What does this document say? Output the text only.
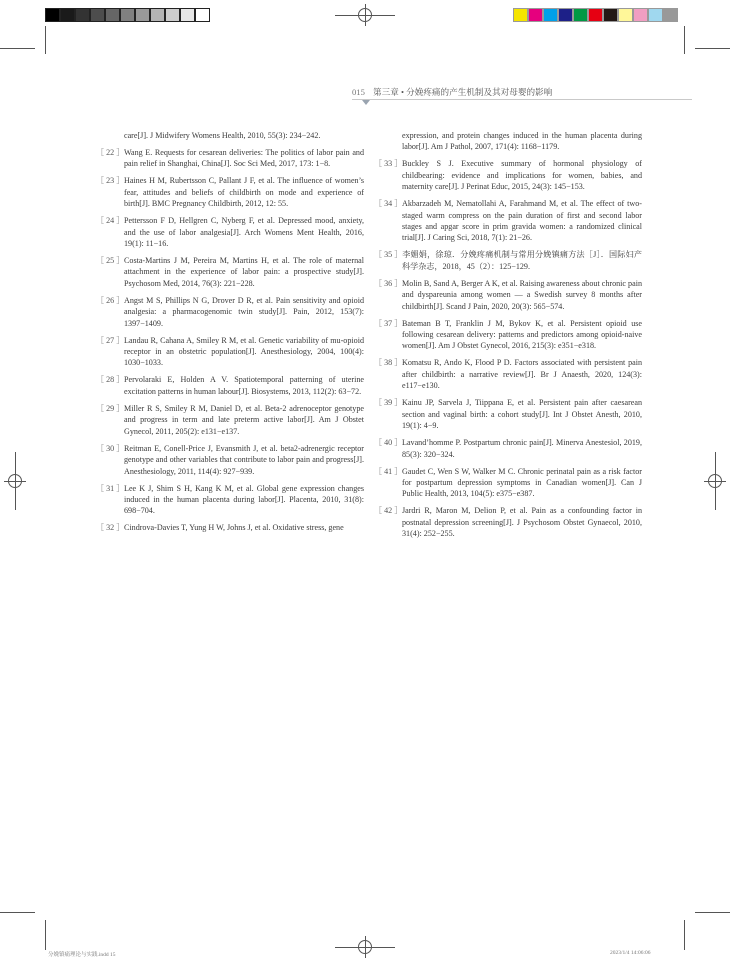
015 第三章 • 分娩疼痛的产生机制及其对母婴的影响

care[J]. J Midwifery Womens Health, 2010, 55(3): 234−242.

［ 22 ］Wang E. Requests for cesarean deliveries: The politics of labor pain and pain relief in Shanghai, China[J]. Soc Sci Med, 2017, 173: 1−8.

［ 23 ］Haines H M, Rubertsson C, Pallant J F, et al. The influence of women’s fear, attitudes and beliefs of childbirth on mode and experience of birth[J]. BMC Pregnancy Childbirth, 2012, 12: 55.

［ 24 ］Pettersson F D, Hellgren C, Nyberg F, et al. Depressed mood, anxiety, and the use of labor analgesia[J]. Arch Womens Ment Health, 2016, 19(1): 11−16.

［ 25 ］Costa-Martins J M, Pereira M, Martins H, et al. The role of maternal attachment in the experience of labor pain: a prospective study[J]. Psychosom Med, 2014, 76(3): 221−228.

［ 26 ］Angst M S, Phillips N G, Drover D R, et al. Pain sensitivity and opioid analgesia: a pharmacogenomic twin study[J]. Pain, 2012, 153(7): 1397−1409.

［ 27 ］Landau R, Cahana A, Smiley R M, et al. Genetic variability of mu-opioid receptor in an obstetric population[J]. Anesthesiology, 2004, 100(4): 1030−1033.

［ 28 ］Pervolaraki E, Holden A V. Spatiotemporal patterning of uterine excitation patterns in human labour[J]. Biosystems, 2013, 112(2): 63−72.

［ 29 ］Miller R S, Smiley R M, Daniel D, et al. Beta-2 adrenoceptor genotype and progress in term and late preterm active labor[J]. Am J Obstet Gynecol, 2011, 205(2): e131−e137.

［ 30 ］Reitman E, Conell-Price J, Evansmith J, et al. beta2-adrenergic receptor genotype and other variables that contribute to labor pain and progress[J]. Anesthesiology, 2011, 114(4): 927−939.

［ 31 ］Lee K J, Shim S H, Kang K M, et al. Global gene expression changes induced in the human placenta during labor[J]. Placenta, 2010, 31(8): 698−704.

［ 32 ］Cindrova-Davies T, Yung H W, Johns J, et al. Oxidative stress, gene

expression, and protein changes induced in the human placenta during labor[J]. Am J Pathol, 2007, 171(4): 1168−1179.

［ 33 ］Buckley S J. Executive summary of hormonal physiology of childbearing: evidence and implications for women, babies, and maternity care[J]. J Perinat Educ, 2015, 24(3): 145−153.

［ 34 ］Akbarzadeh M, Nematollahi A, Farahmand M, et al. The effect of two-staged warm compress on the pain duration of first and second labor stages and apgar score in prim gravida women: a randomized clinical trial[J]. J Caring Sci, 2018, 7(1): 21−26.

［ 35 ］李媚娟，徐琼．分娩疼痛机制与常用分娩镇痛方法［J］．国际妇产科学杂志，2018，45（2）：125−129.

［ 36 ］Molin B, Sand A, Berger A K, et al. Raising awareness about chronic pain and dyspareunia among women — a Swedish survey 8 months after childbirth[J]. Scand J Pain, 2020, 20(3): 565−574.

［ 37 ］Bateman B T, Franklin J M, Bykov K, et al. Persistent opioid use following cesarean delivery: patterns and predictors among opioid-naive women[J]. Am J Obstet Gynecol, 2016, 215(3): e351−e318.

［ 38 ］Komatsu R, Ando K, Flood P D. Factors associated with persistent pain after childbirth: a narrative review[J]. Br J Anaesth, 2020, 124(3): e117−e130.

［ 39 ］Kainu JP, Sarvela J, Tiippana E, et al. Persistent pain after caesarean section and vaginal birth: a cohort study[J]. Int J Obstet Anesth, 2010, 19(1): 4−9.

［ 40 ］Lavand’homme P. Postpartum chronic pain[J]. Minerva Anestesiol, 2019, 85(3): 320−324.

［ 41 ］Gaudet C, Wen S W, Walker M C. Chronic perinatal pain as a risk factor for postpartum depression symptoms in Canadian women[J]. Can J Public Health, 2013, 104(5): e375−e387.

［ 42 ］Jardri R, Maron M, Delion P, et al. Pain as a confounding factor in postnatal depression screening[J]. J Psychosom Obstet Gynaecol, 2010, 31(4): 252−255.

分娩镇痛理论与实践.indd 15	2023/1/4 14:06:06
